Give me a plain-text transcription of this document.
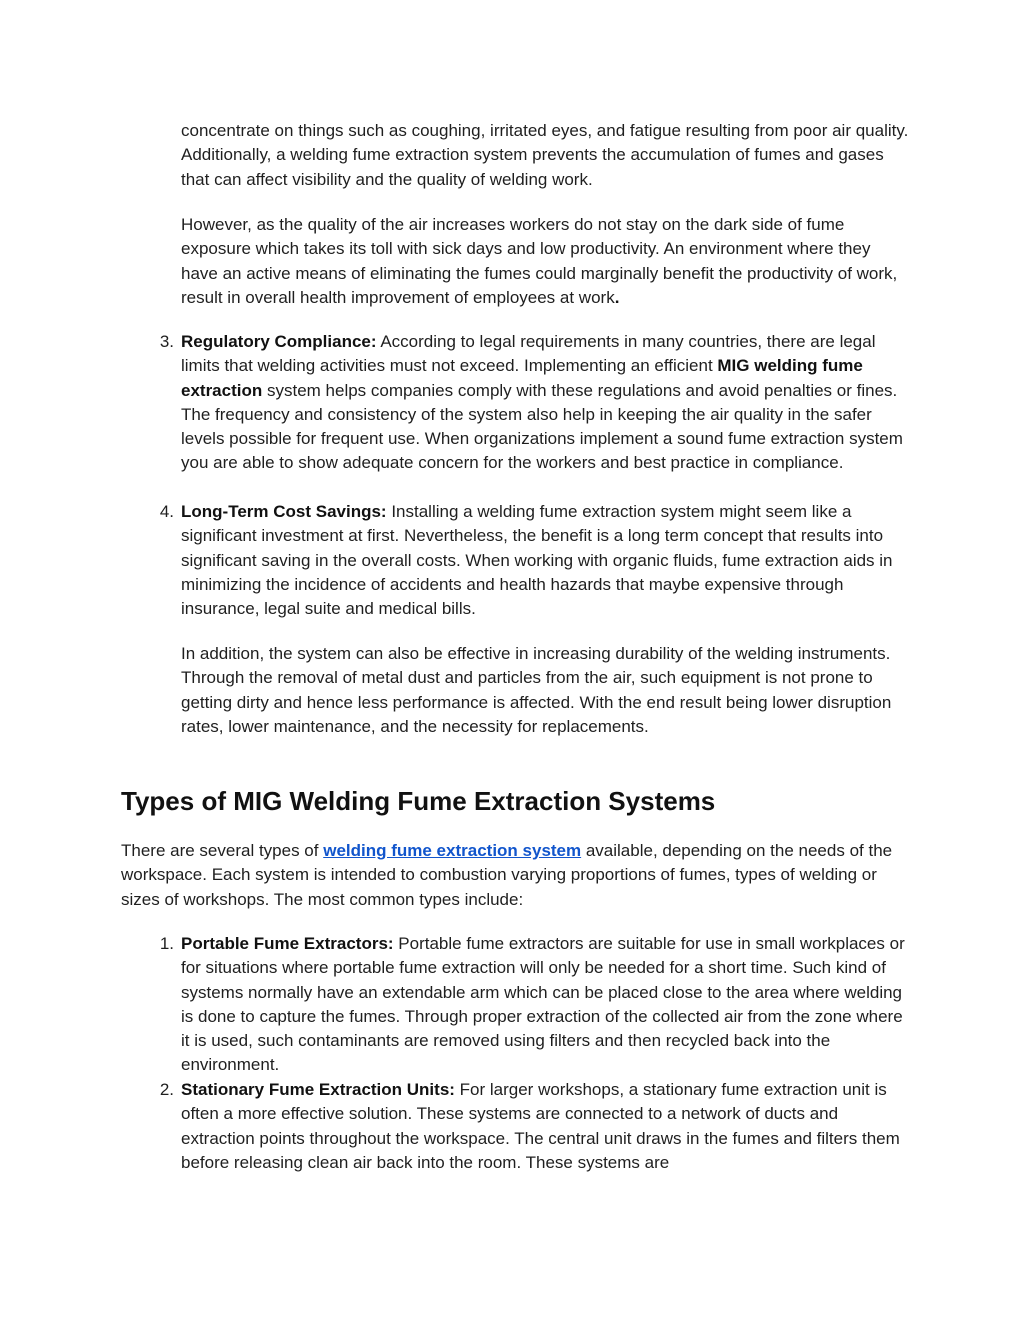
concentrate on things such as coughing, irritated eyes, and fatigue resulting from poor air quality. Additionally, a welding fume extraction system prevents the accumulation of fumes and gases that can affect visibility and the quality of welding work.

However, as the quality of the air increases workers do not stay on the dark side of fume exposure which takes its toll with sick days and low productivity. An environment where they have an active means of eliminating the fumes could marginally benefit the productivity of work, result in overall health improvement of employees at work.

3. Regulatory Compliance: According to legal requirements in many countries, there are legal limits that welding activities must not exceed. Implementing an efficient MIG welding fume extraction system helps companies comply with these regulations and avoid penalties or fines. The frequency and consistency of the system also help in keeping the air quality in the safer levels possible for frequent use. When organizations implement a sound fume extraction system you are able to show adequate concern for the workers and best practice in compliance.
4. Long-Term Cost Savings: Installing a welding fume extraction system might seem like a significant investment at first. Nevertheless, the benefit is a long term concept that results into significant saving in the overall costs. When working with organic fluids, fume extraction aids in minimizing the incidence of accidents and health hazards that maybe expensive through insurance, legal suite and medical bills.

In addition, the system can also be effective in increasing durability of the welding instruments. Through the removal of metal dust and particles from the air, such equipment is not prone to getting dirty and hence less performance is affected. With the end result being lower disruption rates, lower maintenance, and the necessity for replacements.

Types of MIG Welding Fume Extraction Systems

There are several types of welding fume extraction system available, depending on the needs of the workspace. Each system is intended to combustion varying proportions of fumes, types of welding or sizes of workshops. The most common types include:

1. Portable Fume Extractors: Portable fume extractors are suitable for use in small workplaces or for situations where portable fume extraction will only be needed for a short time. Such kind of systems normally have an extendable arm which can be placed close to the area where welding is done to capture the fumes. Through proper extraction of the collected air from the zone where it is used, such contaminants are removed using filters and then recycled back into the environment.
2. Stationary Fume Extraction Units: For larger workshops, a stationary fume extraction unit is often a more effective solution. These systems are connected to a network of ducts and extraction points throughout the workspace. The central unit draws in the fumes and filters them before releasing clean air back into the room. These systems are
